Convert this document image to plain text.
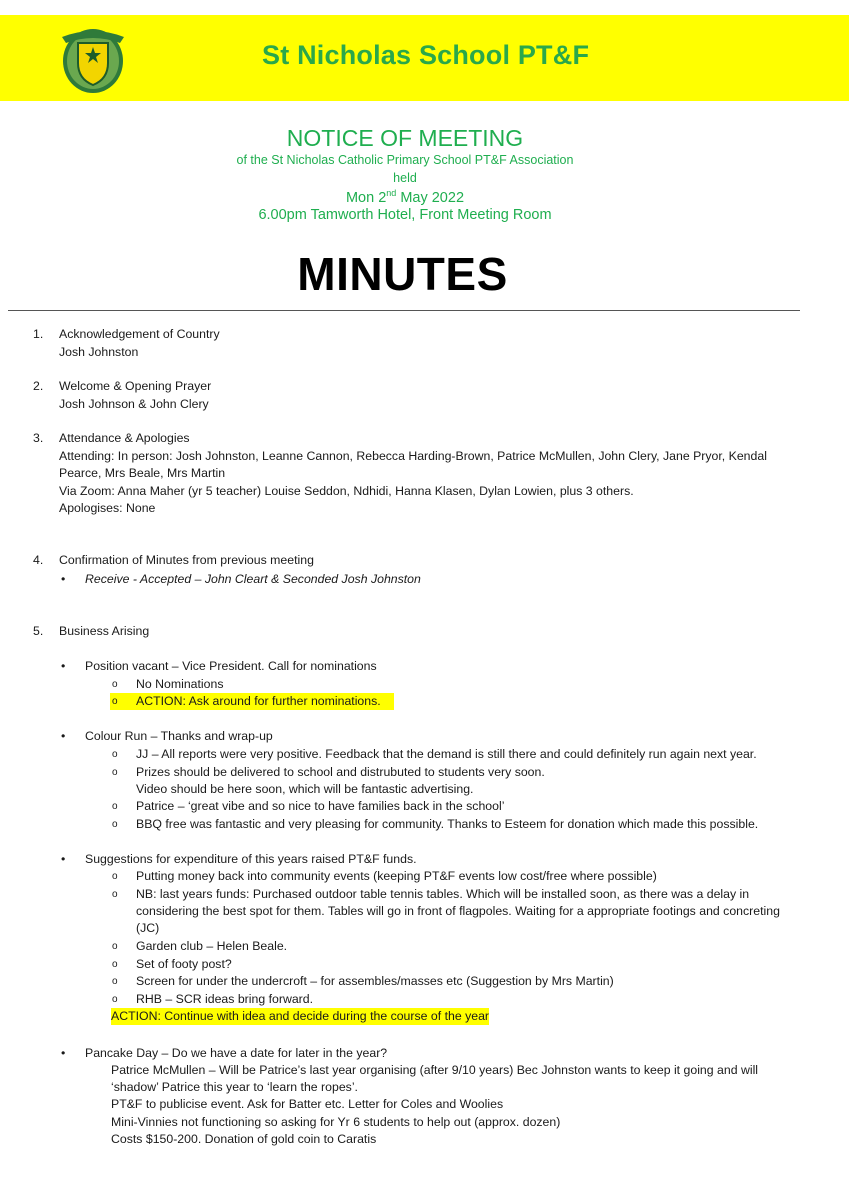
St Nicholas School PT&F
NOTICE OF MEETING
of the St Nicholas Catholic Primary School PT&F Association
held
Mon 2nd May 2022
6.00pm Tamworth Hotel, Front Meeting Room
MINUTES
1. Acknowledgement of Country
Josh Johnston
2. Welcome & Opening Prayer
Josh Johnson & John Clery
3. Attendance & Apologies
Attending: In person: Josh Johnston, Leanne Cannon, Rebecca Harding-Brown, Patrice McMullen, John Clery, Jane Pryor, Kendal Pearce, Mrs Beale, Mrs Martin
Via Zoom: Anna Maher (yr 5 teacher) Louise Seddon, Ndhidi, Hanna Klasen, Dylan Lowien, plus 3 others.
Apologises: None
4. Confirmation of Minutes from previous meeting
• Receive - Accepted – John Cleart & Seconded Josh Johnston
5. Business Arising
• Position vacant – Vice President. Call for nominations
o No Nominations
o ACTION: Ask around for further nominations.
• Colour Run – Thanks and wrap-up
o JJ – All reports were very positive. Feedback that the demand is still there and could definitely run again next year.
o Prizes should be delivered to school and distrubuted to students very soon.
Video should be here soon, which will be fantastic advertising.
o Patrice – ‘great vibe and so nice to have families back in the school’
o BBQ free was fantastic and very pleasing for community. Thanks to Esteem for donation which made this possible.
• Suggestions for expenditure of this years raised PT&F funds.
o Putting money back into community events (keeping PT&F events low cost/free where possible)
o NB: last years funds: Purchased outdoor table tennis tables. Which will be installed soon, as there was a delay in considering the best spot for them. Tables will go in front of flagpoles. Waiting for a appropriate footings and concreting (JC)
o Garden club – Helen Beale.
o Set of footy post?
o Screen for under the undercroft – for assembles/masses etc (Suggestion by Mrs Martin)
o RHB – SCR ideas bring forward.
ACTION: Continue with idea and decide during the course of the year
• Pancake Day – Do we have a date for later in the year?
Patrice McMullen – Will be Patrice’s last year organising (after 9/10 years) Bec Johnston wants to keep it going and will ‘shadow’ Patrice this year to ‘learn the ropes’.
PT&F to publicise event. Ask for Batter etc. Letter for Coles and Woolies
Mini-Vinnies not functioning so asking for Yr 6 students to help out (approx. dozen)
Costs $150-200. Donation of gold coin to Caratis
